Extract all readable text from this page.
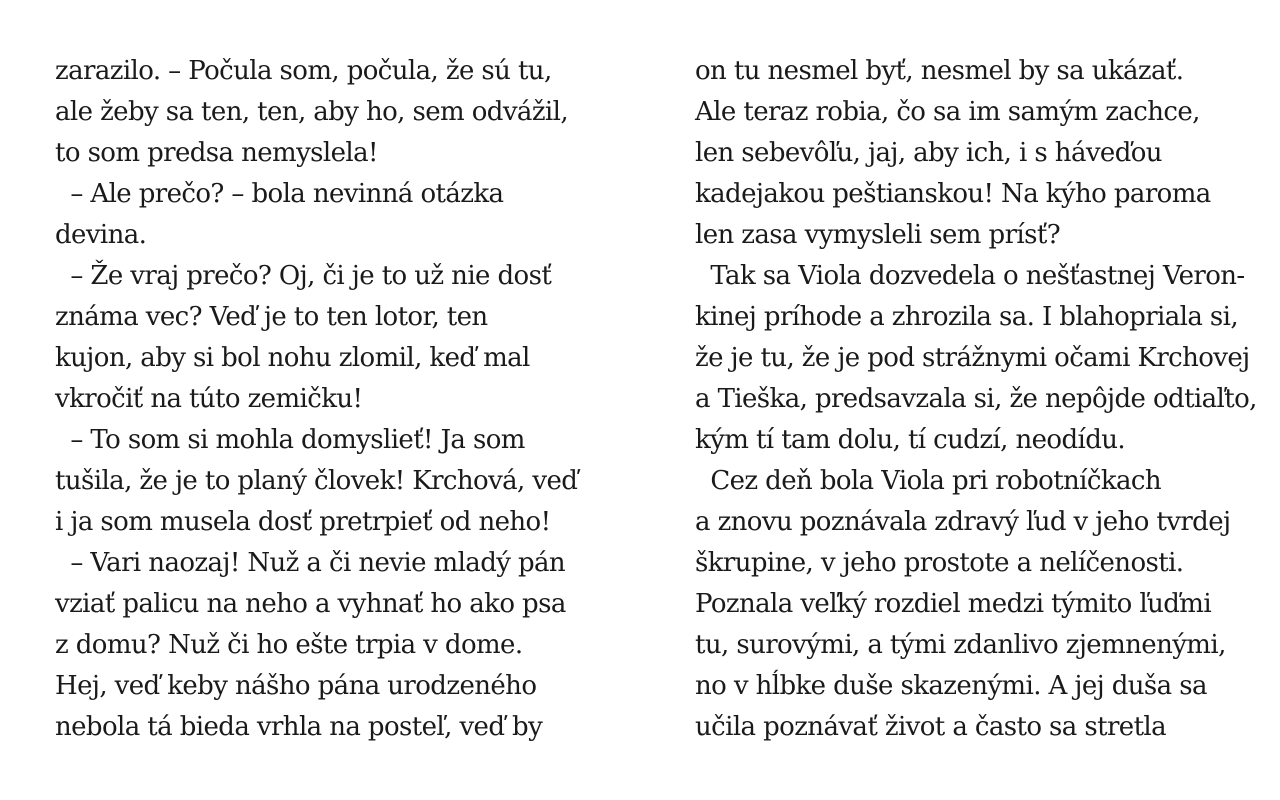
zarazilo. – Počula som, počula, že sú tu,
ale žeby sa ten, ten, aby ho, sem odvážil,
to som predsa nemyslela!
– Ale prečo? – bola nevinná otázka
devina.
– Že vraj prečo? Oj, či je to už nie dosť
známa vec? Veď je to ten lotor, ten
kujon, aby si bol nohu zlomil, keď mal
vkročiť na túto zemičku!
– To som si mohla domyslieť! Ja som
tušila, že je to planý človek! Krchová, veď
i ja som musela dosť pretrpieť od neho!
– Vari naozaj! Nuž a či nevie mladý pán
vziať palicu na neho a vyhnať ho ako psa
z domu? Nuž či ho ešte trpia v dome.
Hej, veď keby nášho pána urodzeného
nebola tá bieda vrhla na posteľ, veď by
on tu nesmel byť, nesmel by sa ukázať.
Ale teraz robia, čo sa im samým zachce,
len sebevôľu, jaj, aby ich, i s háveďou
kadejakou peštianskou! Na kýho paroma
len zasa vymysleli sem prísť?
Tak sa Viola dozvedela o nešťastnej Veron-
kinej príhode a zhrozila sa. I blahopriala si,
že je tu, že je pod strážnymi očami Krchovej
a Tieška, predsavzala si, že nepôjde odtiaľto,
kým tí tam dolu, tí cudzí, neodídu.
Cez deň bola Viola pri robotníčkach
a znovu poznávala zdravý ľud v jeho tvrdej
škrupine, v jeho prostote a nelíčenosti.
Poznala veľký rozdiel medzi týmito ľuďmi
tu, surovými, a tými zdanlivo zjemnenými,
no v hĺbke duše skazenými. A jej duša sa
učila poznávať život a často sa stretla
